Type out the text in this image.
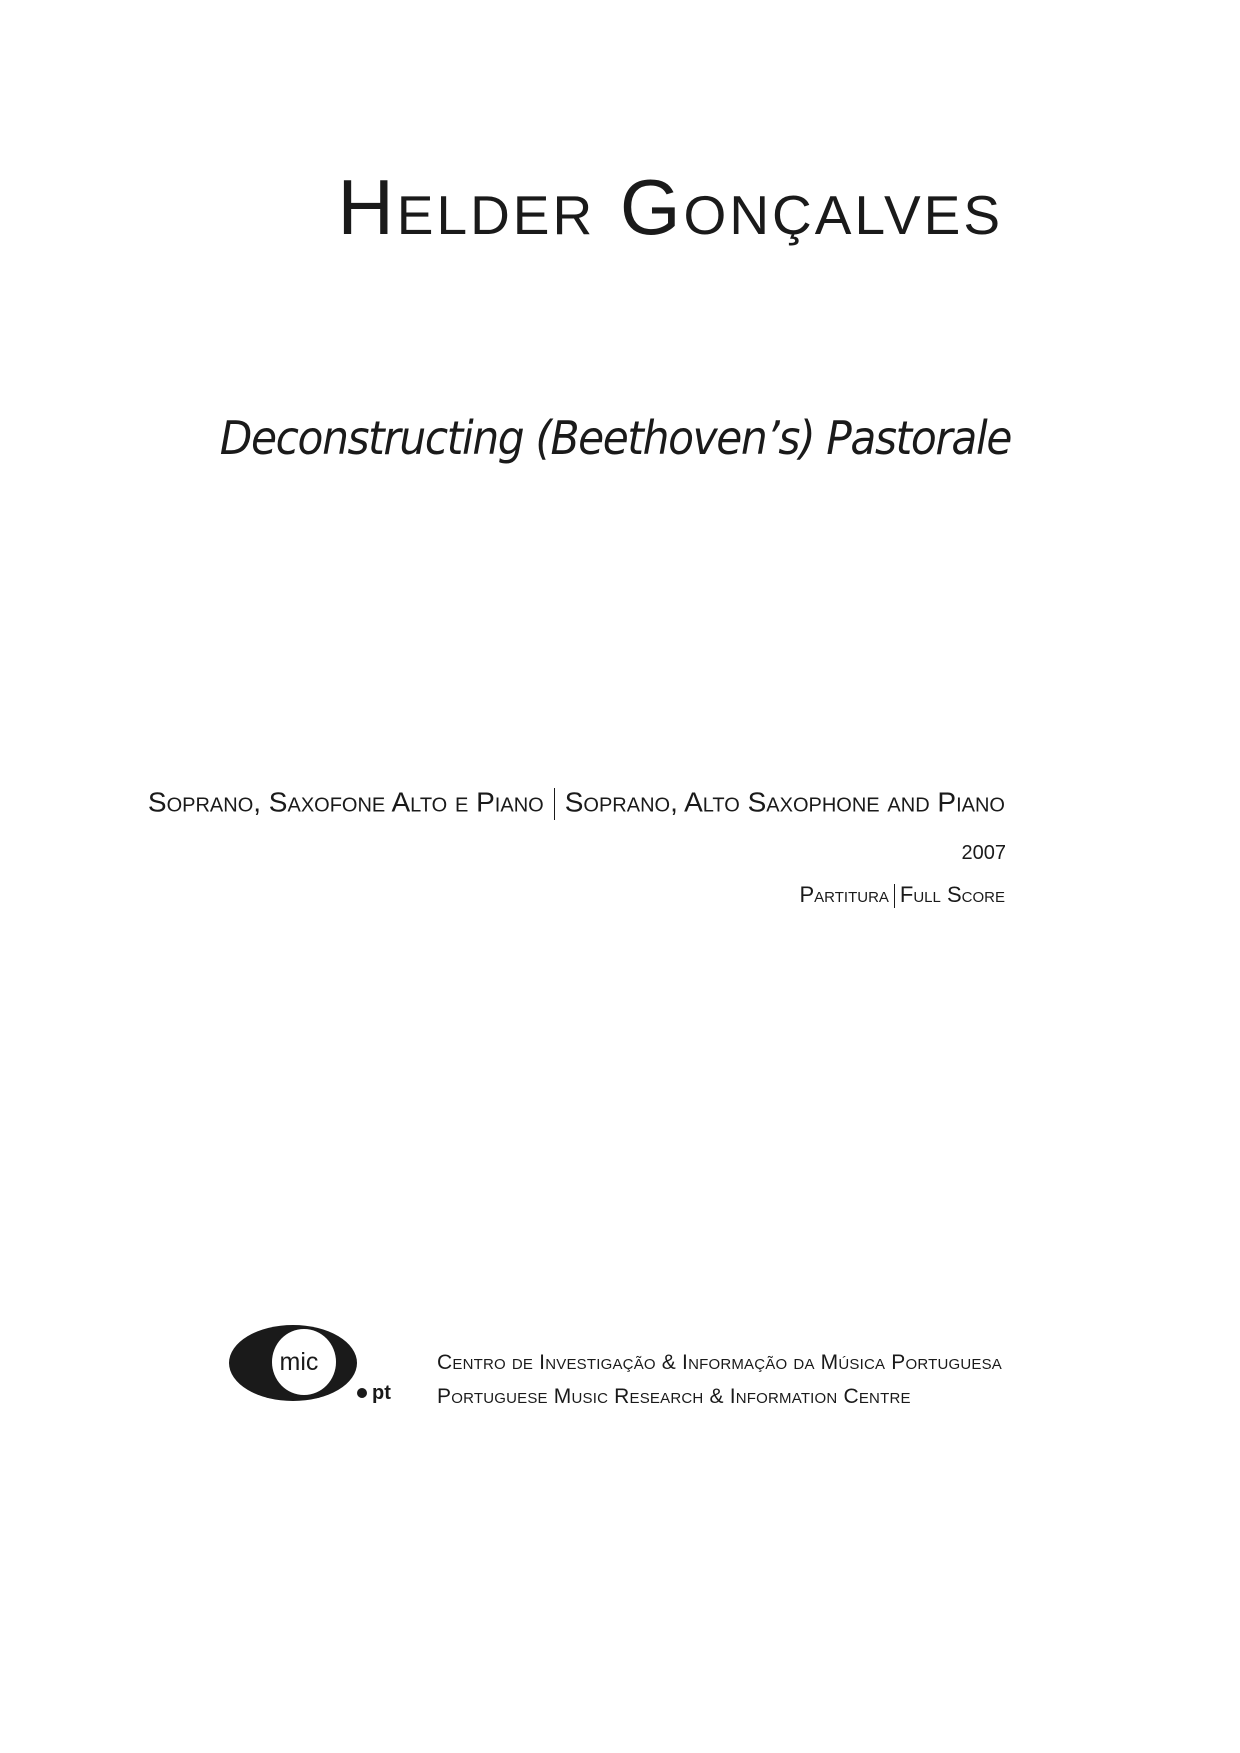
Helder Gonçalves
Deconstructing (Beethoven’s) Pastorale
Soprano, Saxofone Alto e Piano Soprano, Alto Saxophone and Piano
2007
Partitura Full Score
mic
pt
Centro de Investigação & Informação da Música Portuguesa
Portuguese Music Research & Information Centre
